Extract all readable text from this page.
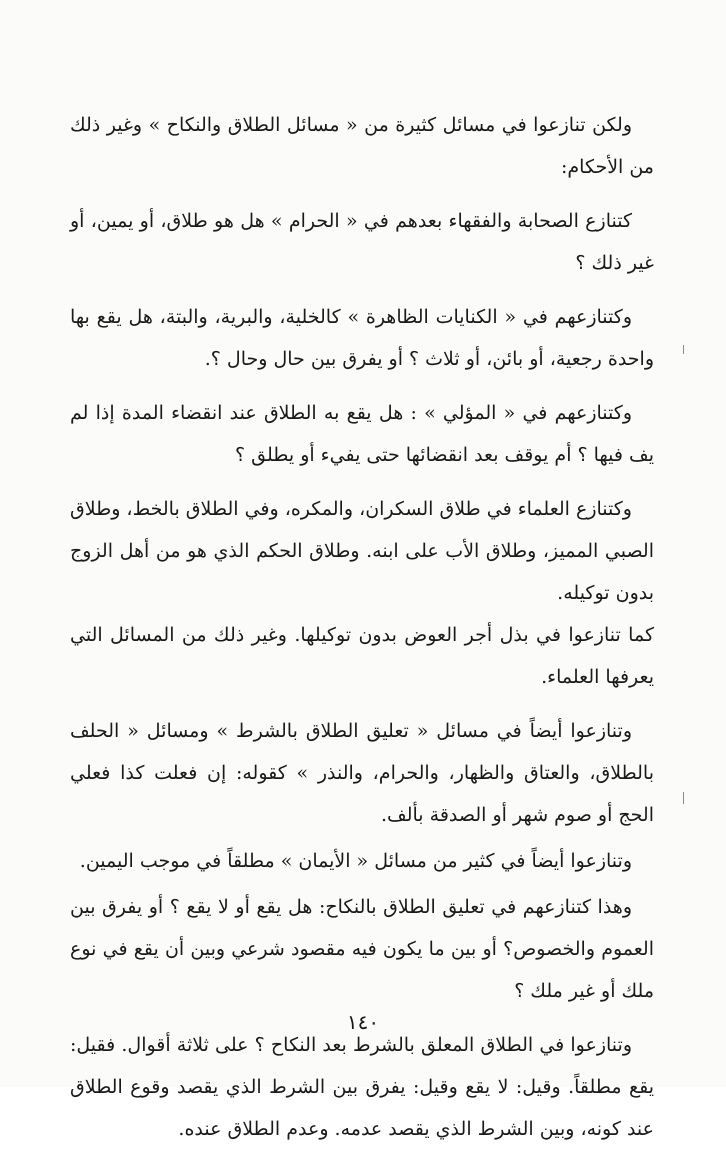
ولكن تنازعوا في مسائل كثيرة من « مسائل الطلاق والنكاح » وغير ذلك من الأحكام:

كتنازع الصحابة والفقهاء بعدهم في « الحرام » هل هو طلاق، أو يمين، أو غير ذلك ؟

وكتنازعهم في « الكنايات الظاهرة » كالخلية، والبرية، والبتة، هل يقع بها واحدة رجعية، أو بائن، أو ثلاث ؟ أو يفرق بين حال وحال ؟.

وكتنازعهم في « المؤلي » : هل يقع به الطلاق عند انقضاء المدة إذا لم يف فيها ؟ أم يوقف بعد انقضائها حتى يفيء أو يطلق ؟

وكتنازع العلماء في طلاق السكران، والمكره، وفي الطلاق بالخط، وطلاق الصبي المميز، وطلاق الأب على ابنه. وطلاق الحكم الذي هو من أهل الزوج بدون توكيله.

كما تنازعوا في بذل أجر العوض بدون توكيلها. وغير ذلك من المسائل التي يعرفها العلماء.

وتنازعوا أيضاً في مسائل « تعليق الطلاق بالشرط » ومسائل « الحلف بالطلاق، والعتاق والظهار، والحرام، والنذر » كقوله: إن فعلت كذا فعلي الحج أو صوم شهر أو الصدقة بألف.

وتنازعوا أيضاً في كثير من مسائل « الأيمان » مطلقاً في موجب اليمين.

وهذا كتنازعهم في تعليق الطلاق بالنكاح: هل يقع أو لا يقع ؟ أو يفرق بين العموم والخصوص؟ أو بين ما يكون فيه مقصود شرعي وبين أن يقع في نوع ملك أو غير ملك ؟

وتنازعوا في الطلاق المعلق بالشرط بعد النكاح ؟ على ثلاثة أقوال. فقيل: يقع مطلقاً. وقيل: لا يقع وقيل: يفرق بين الشرط الذي يقصد وقوع الطلاق عند كونه، وبين الشرط الذي يقصد عدمه. وعدم الطلاق عنده.

١٤٠
